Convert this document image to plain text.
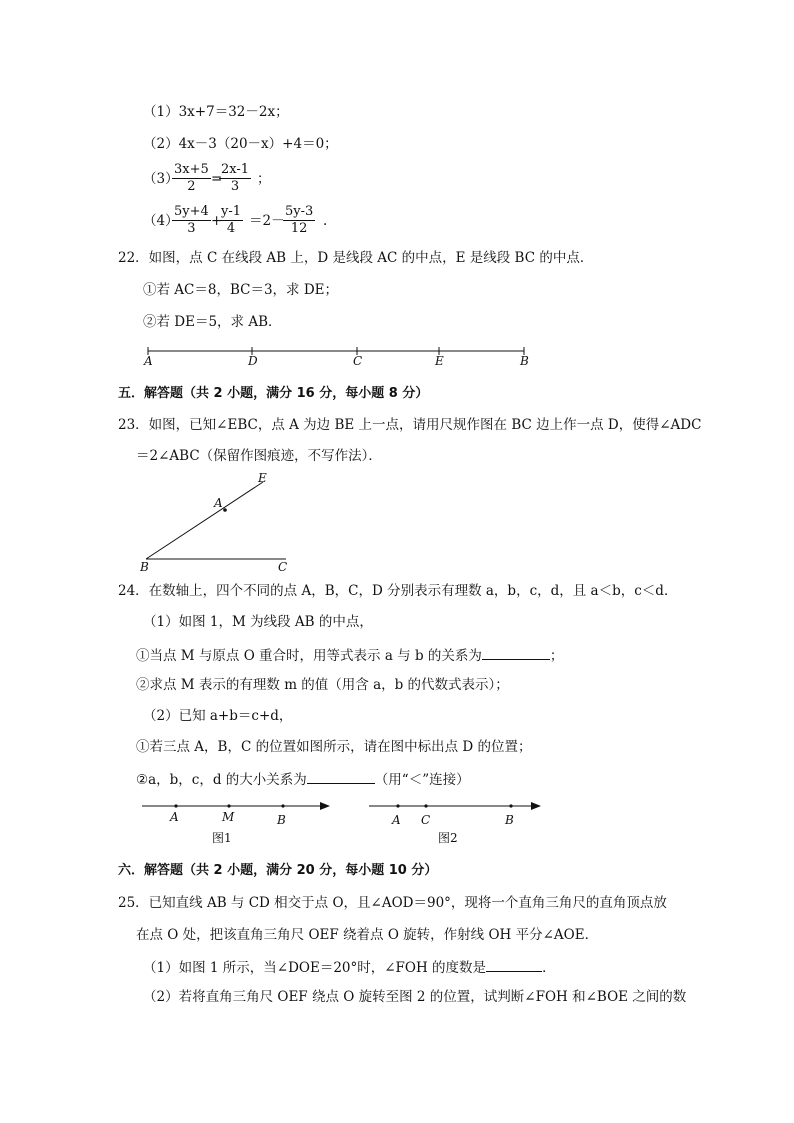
（1）3x+7＝32－2x；
（2）4x－3（20－x）+4＝0；
（3）
$\frac{3x+5}{2}$ =
$\frac{2x-1}{3}$ ；
（4）
$\frac{5y+4}{3}$ +
$\frac{y-1}{4} =2-$
$\frac{5y-3}{12}$ .
22．如图，点 C 在线段 AB 上，D 是线段 AC 的中点，E 是线段 BC 的中点．
①若 AC＝8，BC＝3，求 DE；
②若 DE＝5，求 AB．
A	D	C	E	B
五．解答题（共 2 小题，满分 16 分，每小题 8 分）
23．如图，已知∠EBC，点 A 为边 BE 上一点，请用尺规作图在 BC 边上作一点 D，使得∠ADC
＝2∠ABC（保留作图痕迹，不写作法）．
E
A
B	C
24．在数轴上，四个不同的点 A，B，C，D 分别表示有理数 a，b，c，d，且 a＜b，c＜d．
（1）如图 1，M 为线段 AB 的中点，
①当点 M 与原点 O 重合时，用等式表示 a 与 b 的关系为	；
②求点 M 表示的有理数 m 的值（用含 a，b 的代数式表示）；
（2）已知 a+b＝c+d，
①若三点 A，B，C 的位置如图所示，请在图中标出点 D 的位置；
②a，b，c，d 的大小关系为	（用“＜”连接）
A	M	B
图1
A C	B
图2
六．解答题（共 2 小题，满分 20 分，每小题 10 分）
25．已知直线 AB 与 CD 相交于点 O，且∠AOD＝90°，现将一个直角三角尺的直角顶点放
在点 O 处，把该直角三角尺 OEF 绕着点 O 旋转，作射线 OH 平分∠AOE．
（1）如图 1 所示，当∠DOE＝20°时，∠FOH 的度数是	．
（2）若将直角三角尺 OEF 绕点 O 旋转至图 2 的位置，试判断∠FOH 和∠BOE 之间的数
